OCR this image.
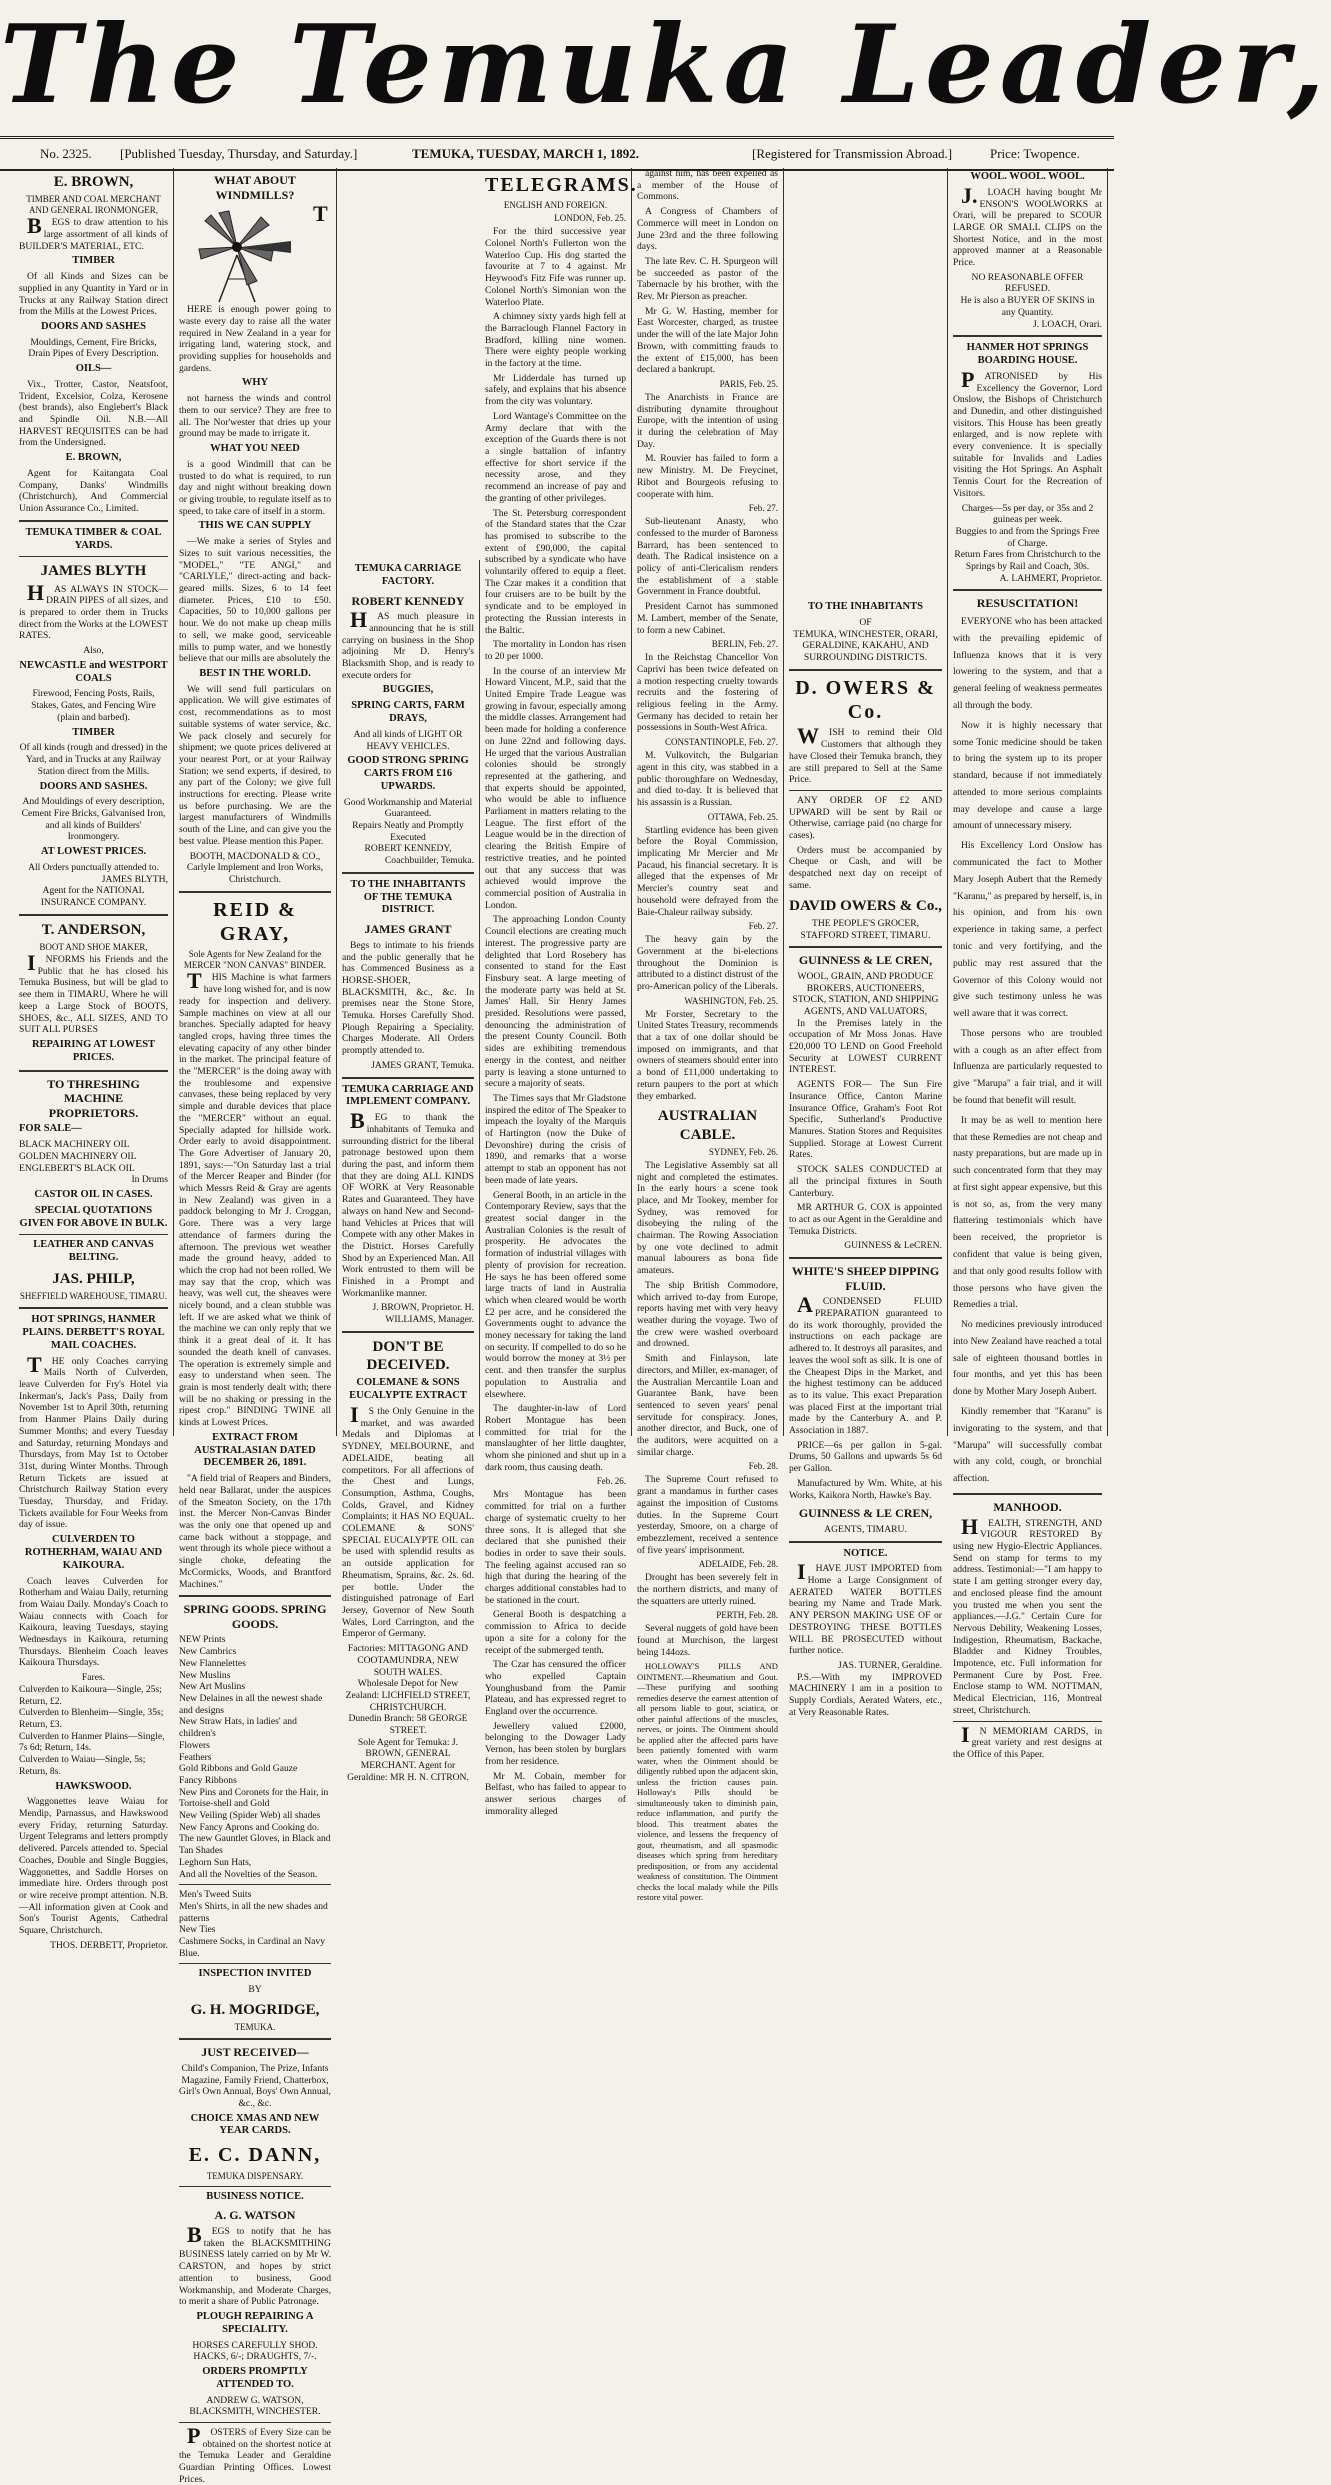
The Temuka Leader,
No. 2325. [Published Tuesday, Thursday, and Saturday.]	TEMUKA, TUESDAY, MARCH 1, 1892.	[Registered for Transmission Abroad.]	Price: Twopence.
E. BROWN,
TIMBER AND COAL MERCHANT AND GENERAL IRONMONGER,

BEGS to draw attention to his large assortment of all kinds of BUILDER'S MATERIAL, ETC.

TIMBER

Of all Kinds and Sizes can be supplied in any Quantity in Yard or in Trucks at any Railway Station direct from the Mills at the Lowest Prices.

DOORS AND SASHES

Mouldings, Cement, Fire Bricks, Drain Pipes of Every Description.

OILS—

Vix., Trotter, Castor, Neatsfoot, Trident, Excelsior, Colza, Kerosene (best brands), also Englebert's Black and Spindle Oil. N.B.—All HARVEST REQUISITES can be had from the Undersigned.

E. BROWN,

Agent for Kaitangata Coal Company, Danks' Windmills (Christchurch), And Commercial Union Assurance Co., Limited.

TEMUKA TIMBER & COAL YARDS.
JAMES BLYTH

HAS ALWAYS IN STOCK— DRAIN PIPES of all sizes, and is prepared to order them in Trucks direct from the Works at the LOWEST RATES.

Also,
NEWCASTLE and WESTPORT COALS

Firewood, Fencing Posts, Rails, Stakes, Gates, and Fencing Wire (plain and barbed).

TIMBER

Of all kinds (rough and dressed) in the Yard, and in Trucks at any Railway Station direct from the Mills.

DOORS AND SASHES.

And Mouldings of every description, Cement Fire Bricks, Galvanised Iron, and all kinds of Builders' Ironmongery.

AT LOWEST PRICES.
All Orders punctually attended to.
JAMES BLYTH,
Agent for the NATIONAL INSURANCE COMPANY.
T. ANDERSON,
BOOT AND SHOE MAKER,

INFORMS his Friends and the Public that he has closed his Temuka Business, but will be glad to see them in TIMARU, Where he will keep a Large Stock of BOOTS, SHOES, &c., ALL SIZES, AND TO SUIT ALL PURSES

REPAIRING AT LOWEST PRICES.
TO THRESHING MACHINE PROPRIETORS.
FOR SALE—
BLACK MACHINERY OIL
GOLDEN MACHINERY OIL
ENGLEBERT'S BLACK OIL
In Drums
CASTOR OIL IN CASES.
SPECIAL QUOTATIONS GIVEN FOR ABOVE IN BULK.
LEATHER AND CANVAS BELTING.
JAS. PHILP,
SHEFFIELD WAREHOUSE, TIMARU.
HOT SPRINGS, HANMER PLAINS. DERBETT'S ROYAL MAIL COACHES.

THE only Coaches carrying Mails North of Culverden, leave Culverden for Fry's Hotel via Inkerman's, Jack's Pass, Daily from November 1st to April 30th, returning from Hanmer Plains Daily during Summer Months; and every Tuesday and Saturday, returning Mondays and Thursdays, from May 1st to October 31st, during Winter Months. Through Return Tickets are issued at Christchurch Railway Station every Tuesday, Thursday, and Friday. Tickets available for Four Weeks from day of issue.

CULVERDEN TO ROTHERHAM, WAIAU AND KAIKOURA.

Coach leaves Culverden for Rotherham and Waiau Daily, returning from Waiau Daily. Monday's Coach to Waiau connects with Coach for Kaikoura, leaving Tuesdays, staying Wednesdays in Kaikoura, returning Thursdays. Blenheim Coach leaves Kaikoura Thursdays.

Fares.
Culverden to Kaikoura—Single, 25s; Return, £2.
Culverden to Blenheim—Single, 35s; Return, £3.
Culverden to Hanmer Plains—Single, 7s 6d; Return, 14s.
Culverden to Waiau—Single, 5s; Return, 8s.
HAWKSWOOD.

Waggonettes leave Waiau for Mendip, Parnassus, and Hawkswood every Friday, returning Saturday. Urgent Telegrams and letters promptly delivered. Parcels attended to. Special Coaches, Double and Single Buggies, Waggonettes, and Saddle Horses on immediate hire. Orders through post or wire receive prompt attention. N.B.—All information given at Cook and Son's Tourist Agents, Cathedral Square, Christchurch.

THOS. DERBETT, Proprietor.
WHAT ABOUT WINDMILLS?

THERE is enough power going to waste every day to raise all the water required in New Zealand in a year for irrigating land, watering stock, and providing supplies for households and gardens.

WHY

not harness the winds and control them to our service? They are free to all. The Nor'wester that dries up your ground may be made to irrigate it.

WHAT YOU NEED

is a good Windmill that can be trusted to do what is required, to run day and night without breaking down or giving trouble, to regulate itself as to speed, to take care of itself in a storm.

THIS WE CAN SUPPLY

—We make a series of Styles and Sizes to suit various necessities, the "MODEL," "TE ANGI," and "CARLYLE," direct-acting and back-geared mills. Sizes, 6 to 14 feet diameter. Prices, £10 to £50. Capacities, 50 to 10,000 gallons per hour. We do not make up cheap mills to sell, we make good, serviceable mills to pump water, and we honestly believe that our mills are absolutely the

BEST IN THE WORLD.

We will send full particulars on application. We will give estimates of cost, recommendations as to most suitable systems of water service, &c. We pack closely and securely for shipment; we quote prices delivered at your nearest Port, or at your Railway Station; we send experts, if desired, to any part of the Colony; we give full instructions for erecting. Please write us before purchasing. We are the largest manufacturers of Windmills south of the Line, and can give you the best value. Please mention this Paper.

BOOTH, MACDONALD & CO.,
Carlyle Implement and Iron Works, Christchurch.
REID & GRAY,
Sole Agents for New Zealand for the MERCER "NON CANVAS" BINDER.

THIS Machine is what farmers have long wished for, and is now ready for inspection and delivery. Sample machines on view at all our branches. Specially adapted for heavy tangled crops, having three times the elevating capacity of any other binder in the market. The principal feature of the "MERCER" is the doing away with the troublesome and expensive canvases, these being replaced by very simple and durable devices that place the "MERCER" without an equal. Specially adapted for hillside work. Order early to avoid disappointment. The Gore Advertiser of January 20, 1891, says:—"On Saturday last a trial of the Mercer Reaper and Binder (for which Messrs Reid & Gray are agents in New Zealand) was given in a paddock belonging to Mr J. Croggan, Gore. There was a very large attendance of farmers during the afternoon. The previous wet weather made the ground heavy, added to which the crop had not been rolled. We may say that the crop, which was heavy, was well cut, the sheaves were nicely bound, and a clean stubble was left. If we are asked what we think of the machine we can only reply that we think it a great deal of it. It has sounded the death knell of canvases. The operation is extremely simple and easy to understand when seen. The grain is most tenderly dealt with; there will be no shaking or pressing in the ripest crop." BINDING TWINE all kinds at Lowest Prices.

EXTRACT FROM AUSTRALASIAN DATED DECEMBER 26, 1891.

"A field trial of Reapers and Binders, held near Ballarat, under the auspices of the Smeaton Society, on the 17th inst. the Mercer Non-Canvas Binder was the only one that opened up and came back without a stoppage, and went through its whole piece without a single choke, defeating the McCormicks, Woods, and Brantford Machines."

SPRING GOODS. SPRING GOODS.
NEW Prints
New Cambrics
New Flannelettes
New Muslins
New Art Muslins
New Delaines in all the newest shade and designs
New Straw Hats, in ladies' and children's
Flowers
Feathers
Gold Ribbons and Gold Gauze
Fancy Ribbons
New Pins and Coronets for the Hair, in Tortoise-shell and Gold
New Veiling (Spider Web) all shades
New Fancy Aprons and Cooking do.
The new Gauntlet Gloves, in Black and Tan Shades
Leghorn Sun Hats,
And all the Novelties of the Season.
Men's Tweed Suits
Men's Shirts, in all the new shades and patterns
New Ties
Cashmere Socks, in Cardinal an Navy Blue.
INSPECTION INVITED
BY
G. H. MOGRIDGE,
TEMUKA.
JUST RECEIVED—

Child's Companion, The Prize, Infants Magazine, Family Friend, Chatterbox, Girl's Own Annual, Boys' Own Annual, &c., &c.

CHOICE XMAS AND NEW YEAR CARDS.
E. C. DANN,
TEMUKA DISPENSARY.
BUSINESS NOTICE.
A. G. WATSON

BEGS to notify that he has taken the BLACKSMITHING BUSINESS lately carried on by Mr W. CARSTON, and hopes by strict attention to business, Good Workmanship, and Moderate Charges, to merit a share of Public Patronage.

PLOUGH REPAIRING A SPECIALITY.
HORSES CAREFULLY SHOD. HACKS, 6/-; DRAUGHTS, 7/-.
ORDERS PROMPTLY ATTENDED TO.
ANDREW G. WATSON,
BLACKSMITH, WINCHESTER.

POSTERS of Every Size can be obtained on the shortest notice at the Temuka Leader and Geraldine Guardian Printing Offices. Lowest Prices.

TEMUKA CARRIAGE FACTORY.
ROBERT KENNEDY

HAS much pleasure in announcing that he is still carrying on business in the Shop adjoining Mr D. Henry's Blacksmith Shop, and is ready to execute orders for

BUGGIES,
SPRING CARTS, FARM DRAYS,
And all kinds of LIGHT OR HEAVY VEHICLES.
GOOD STRONG SPRING CARTS FROM £16 UPWARDS.
Good Workmanship and Material Guaranteed.
Repairs Neatly and Promptly Executed
ROBERT KENNEDY,
Coachbuilder, Temuka.
TO THE INHABITANTS OF THE TEMUKA DISTRICT.
JAMES GRANT

Begs to intimate to his friends and the public generally that he has Commenced Business as a HORSE-SHOER, BLACKSMITH, &c., &c. In premises near the Stone Store, Temuka. Horses Carefully Shod. Plough Repairing a Speciality. Charges Moderate. All Orders promptly attended to.

JAMES GRANT, Temuka.
TEMUKA CARRIAGE AND IMPLEMENT COMPANY.

BEG to thank the inhabitants of Temuka and surrounding district for the liberal patronage bestowed upon them during the past, and inform them that they are doing ALL KINDS OF WORK at Very Reasonable Rates and Guaranteed. They have always on hand New and Second-hand Vehicles at Prices that will Compete with any other Makes in the District. Horses Carefully Shod by an Experienced Man. All Work entrusted to them will be Finished in a Prompt and Workmanlike manner.

J. BROWN, Proprietor. H. WILLIAMS, Manager.
DON'T BE DECEIVED.
COLEMANE & SONS EUCALYPTE EXTRACT

IS the Only Genuine in the market, and was awarded Medals and Diplomas at SYDNEY, MELBOURNE, and ADELAIDE, beating all competitors. For all affections of the Chest and Lungs, Consumption, Asthma, Coughs, Colds, Gravel, and Kidney Complaints; it HAS NO EQUAL. COLEMANE & SONS' SPECIAL EUCALYPTE OIL can be used with splendid results as an outside application for Rheumatism, Sprains, &c. 2s. 6d. per bottle. Under the distinguished patronage of Earl Jersey, Governor of New South Wales, Lord Carrington, and the Emperor of Germany.

Factories: MITTAGONG AND COOTAMUNDRA, NEW SOUTH WALES.
Wholesale Depot for New Zealand: LICHFIELD STREET, CHRISTCHURCH.
Dunedin Branch: 58 GEORGE STREET.
Sole Agent for Temuka: J. BROWN, GENERAL MERCHANT. Agent for Geraldine: MR H. N. CITRON.
TELEGRAMS.
ENGLISH AND FOREIGN.
LONDON, Feb. 25.

For the third successive year Colonel North's Fullerton won the Waterloo Cup. His dog started the favourite at 7 to 4 against. Mr Heywood's Fitz Fife was runner up. Colonel North's Simonian won the Waterloo Plate.

A chimney sixty yards high fell at the Barraclough Flannel Factory in Bradford, killing nine women. There were eighty people working in the factory at the time.

Mr Lidderdale has turned up safely, and explains that his absence from the city was voluntary.

Lord Wantage's Committee on the Army declare that with the exception of the Guards there is not a single battalion of infantry effective for short service if the necessity arose, and they recommend an increase of pay and the granting of other privileges.

The St. Petersburg correspondent of the Standard states that the Czar has promised to subscribe to the extent of £90,000, the capital subscribed by a syndicate who have voluntarily offered to equip a fleet. The Czar makes it a condition that four cruisers are to be built by the syndicate and to be employed in protecting the Russian interests in the Baltic.

The mortality in London has risen to 20 per 1000.

In the course of an interview Mr Howard Vincent, M.P., said that the United Empire Trade League was growing in favour, especially among the middle classes. Arrangement had been made for holding a conference on June 22nd and following days. He urged that the various Australian colonies should be strongly represented at the gathering, and that experts should be appointed, who would be able to influence Parliament in matters relating to the League. The first effort of the League would be in the direction of clearing the British Empire of restrictive treaties, and he pointed out that any success that was achieved would improve the commercial position of Australia in London.

The approaching London County Council elections are creating much interest. The progressive party are delighted that Lord Rosebery has consented to stand for the East Finsbury seat. A large meeting of the moderate party was held at St. James' Hall. Sir Henry James presided. Resolutions were passed, denouncing the administration of the present County Council. Both sides are exhibiting tremendous energy in the contest, and neither party is leaving a stone unturned to secure a majority of seats.

The Times says that Mr Gladstone inspired the editor of The Speaker to impeach the loyalty of the Marquis of Hartington (now the Duke of Devonshire) during the crisis of 1890, and remarks that a worse attempt to stab an opponent has not been made of late years.

General Booth, in an article in the Contemporary Review, says that the greatest social danger in the Australian Colonies is the result of prosperity. He advocates the formation of industrial villages with plenty of provision for recreation. He says he has been offered some large tracts of land in Australia which when cleared would be worth £2 per acre, and he considered the Governments ought to advance the money necessary for taking the land on security. If compelled to do so he would borrow the money at 3½ per cent. and then transfer the surplus population to Australia and elsewhere.

The daughter-in-law of Lord Robert Montague has been committed for trial for the manslaughter of her little daughter, whom she pinioned and shut up in a dark room, thus causing death.

Feb. 26.

Mrs Montague has been committed for trial on a further charge of systematic cruelty to her three sons. It is alleged that she declared that she punished their bodies in order to save their souls. The feeling against accused ran so high that during the hearing of the charges additional constables had to be stationed in the court.

General Booth is despatching a commission to Africa to decide upon a site for a colony for the receipt of the submerged tenth.

The Czar has censured the officer who expelled Captain Younghusband from the Pamir Plateau, and has expressed regret to England over the occurrence.

Jewellery valued £2000, belonging to the Dowager Lady Vernon, has been stolen by burglars from her residence.

Mr M. Cobain, member for Belfast, who has failed to appear to answer serious charges of immorality alleged

against him, has been expelled as a member of the House of Commons.

A Congress of Chambers of Commerce will meet in London on June 23rd and the three following days.

The late Rev. C. H. Spurgeon will be succeeded as pastor of the Tabernacle by his brother, with the Rev. Mr Pierson as preacher.

Mr G. W. Hasting, member for East Worcester, charged, as trustee under the will of the late Major John Brown, with committing frauds to the extent of £15,000, has been declared a bankrupt.

PARIS, Feb. 25.

The Anarchists in France are distributing dynamite throughout Europe, with the intention of using it during the celebration of May Day.

M. Rouvier has failed to form a new Ministry. M. De Freycinet, Ribot and Bourgeois refusing to cooperate with him.

Feb. 27.

Sub-lieutenant Anasty, who confessed to the murder of Baroness Barrard, has been sentenced to death. The Radical insistence on a policy of anti-Clericalism renders the establishment of a stable Government in France doubtful.

President Carnot has summoned M. Lambert, member of the Senate, to form a new Cabinet.

BERLIN, Feb. 27.

In the Reichstag Chancellor Von Caprivi has been twice defeated on a motion respecting cruelty towards recruits and the fostering of religious feeling in the Army. Germany has decided to retain her possessions in South-West Africa.

CONSTANTINOPLE, Feb. 27.

M. Vulkovitch, the Bulgarian agent in this city, was stabbed in a public thoroughfare on Wednesday, and died to-day. It is believed that his assassin is a Russian.

OTTAWA, Feb. 25.

Startling evidence has been given before the Royal Commission, implicating Mr Mercier and Mr Pacaud, his financial secretary. It is alleged that the expenses of Mr Mercier's country seat and household were defrayed from the Baie-Chaleur railway subsidy.

Feb. 27.

The heavy gain by the Government at the bi-elections throughout the Dominion is attributed to a distinct distrust of the pro-American policy of the Liberals.

WASHINGTON, Feb. 25.

Mr Forster, Secretary to the United States Treasury, recommends that a tax of one dollar should be imposed on immigrants, and that owners of steamers should enter into a bond of £11,000 undertaking to return paupers to the port at which they embarked.

AUSTRALIAN CABLE.
SYDNEY, Feb. 26.

The Legislative Assembly sat all night and completed the estimates. In the early hours a scene took place, and Mr Tookey, member for Sydney, was removed for disobeying the ruling of the chairman. The Rowing Association by one vote declined to admit manual labourers as bona fide amateurs.

The ship British Commodore, which arrived to-day from Europe, reports having met with very heavy weather during the voyage. Two of the crew were washed overboard and drowned.

Smith and Finlayson, late directors, and Miller, ex-manager, of the Australian Mercantile Loan and Guarantee Bank, have been sentenced to seven years' penal servitude for conspiracy. Jones, another director, and Buck, one of the auditors, were acquitted on a similar charge.

Feb. 28.

The Supreme Court refused to grant a mandamus in further cases against the imposition of Customs duties. In the Supreme Court yesterday, Smoore, on a charge of embezzlement, received a sentence of five years' imprisonment.

ADELAIDE, Feb. 28.

Drought has been severely felt in the northern districts, and many of the squatters are utterly ruined.

PERTH, Feb. 28.

Several nuggets of gold have been found at Murchison, the largest being 144ozs.

HOLLOWAY'S PILLS AND OINTMENT.—Rheumatism and Gout.—These purifying and soothing remedies deserve the earnest attention of all persons liable to gout, sciatica, or other painful affections of the muscles, nerves, or joints. The Ointment should be applied after the affected parts have been patiently fomented with warm water, when the Ointment should be diligently rubbed upon the adjacent skin, unless the friction causes pain. Holloway's Pills should be simultaneously taken to diminish pain, reduce inflammation, and purify the blood. This treatment abates the violence, and lessens the frequency of gout, rheumatism, and all spasmodic diseases which spring from hereditary predisposition, or from any accidental weakness of constitution. The Ointment checks the local malady while the Pills restore vital power.

TO THE INHABITANTS
OF
TEMUKA, WINCHESTER, ORARI, GERALDINE, KAKAHU, AND SURROUNDING DISTRICTS.
D. OWERS & Co.

WISH to remind their Old Customers that although they have Closed their Temuka branch, they are still prepared to Sell at the Same Price.

ANY ORDER OF £2 AND UPWARD will be sent by Rail or Otherwise, carriage paid (no charge for cases).

Orders must be accompanied by Cheque or Cash, and will be despatched next day on receipt of same.

DAVID OWERS & Co.,
THE PEOPLE'S GROCER,
STAFFORD STREET, TIMARU.
GUINNESS & LE CREN,
WOOL, GRAIN, AND PRODUCE BROKERS, AUCTIONEERS, STOCK, STATION, AND SHIPPING AGENTS, AND VALUATORS,

In the Premises lately in the occupation of Mr Moss Jonas. Have £20,000 TO LEND on Good Freehold Security at LOWEST CURRENT INTEREST.

AGENTS FOR— The Sun Fire Insurance Office, Canton Marine Insurance Office, Graham's Foot Rot Specific, Sutherland's Productive Manures. Station Stores and Requisites Supplied. Storage at Lowest Current Rates.

STOCK SALES CONDUCTED at all the principal fixtures in South Canterbury.

MR ARTHUR G. COX is appointed to act as our Agent in the Geraldine and Temuka Districts.

GUINNESS & LeCREN.
WHITE'S SHEEP DIPPING FLUID.

ACONDENSED FLUID PREPARATION guaranteed to do its work thoroughly, provided the instructions on each package are adhered to. It destroys all parasites, and leaves the wool soft as silk. It is one of the Cheapest Dips in the Market, and the highest testimony can be adduced as to its value. This exact Preparation was placed First at the important trial made by the Canterbury A. and P. Association in 1887.

PRICE—6s per gallon in 5-gal. Drums, 50 Gallons and upwards 5s 6d per Gallon.

Manufactured by Wm. White, at his Works, Kaikora North, Hawke's Bay.

GUINNESS & LE CREN,
AGENTS, TIMARU.
NOTICE.

IHAVE JUST IMPORTED from Home a Large Consignment of AERATED WATER BOTTLES bearing my Name and Trade Mark. ANY PERSON MAKING USE OF or DESTROYING THESE BOTTLES WILL BE PROSECUTED without further notice.

JAS. TURNER, Geraldine.

P.S.—With my IMPROVED MACHINERY I am in a position to Supply Cordials, Aerated Waters, etc., at Very Reasonable Rates.

WOOL. WOOL. WOOL.

J.LOACH having bought Mr ENSON'S WOOLWORKS at Orari, will be prepared to SCOUR LARGE OR SMALL CLIPS on the Shortest Notice, and in the most approved manner at a Reasonable Price.

NO REASONABLE OFFER REFUSED.
He is also a BUYER OF SKINS in any Quantity.
J. LOACH, Orari.
HANMER HOT SPRINGS BOARDING HOUSE.

PATRONISED by His Excellency the Governor, Lord Onslow, the Bishops of Christchurch and Dunedin, and other distinguished visitors. This House has been greatly enlarged, and is now replete with every convenience. It is specially suitable for Invalids and Ladies visiting the Hot Springs. An Asphalt Tennis Court for the Recreation of Visitors.

Charges—5s per day, or 35s and 2 guineas per week.
Buggies to and from the Springs Free of Charge.
Return Fares from Christchurch to the Springs by Rail and Coach, 30s.
A. LAHMERT, Proprietor.
RESUSCITATION!

EVERYONE who has been attacked with the prevailing epidemic of Influenza knows that it is very lowering to the system, and that a general feeling of weakness permeates all through the body.

Now it is highly necessary that some Tonic medicine should be taken to bring the system up to its proper standard, because if not immediately attended to more serious complaints may develope and cause a large amount of unnecessary misery.

His Excellency Lord Onslow has communicated the fact to Mother Mary Joseph Aubert that the Remedy "Karanu," as prepared by herself, is, in his opinion, and from his own experience in taking same, a perfect tonic and very fortifying, and the public may rest assured that the Governor of this Colony would not give such testimony unless he was well aware that it was correct.

Those persons who are troubled with a cough as an after effect from Influenza are particularly requested to give "Marupa" a fair trial, and it will be found that benefit will result.

It may be as well to mention here that these Remedies are not cheap and nasty preparations, but are made up in such concentrated form that they may at first sight appear expensive, but this is not so, as, from the very many flattering testimonials which have been received, the proprietor is confident that value is being given, and that only good results follow with those persons who have given the Remedies a trial.

No medicines previously introduced into New Zealand have reached a total sale of eighteen thousand bottles in four months, and yet this has been done by Mother Mary Joseph Aubert.

Kindly remember that "Karanu" is invigorating to the system, and that "Marupa" will successfully combat with any cold, cough, or bronchial affection.

MANHOOD.

HEALTH, STRENGTH, AND VIGOUR RESTORED By using new Hygio-Electric Appliances. Send on stamp for terms to my address. Testimonial:—"I am happy to state I am getting stronger every day, and enclosed please find the amount you trusted me when you sent the appliances.—J.G." Certain Cure for Nervous Debility, Weakening Losses, Indigestion, Rheumatism, Backache, Bladder and Kidney Troubles, Impotence, etc. Full information for Permanent Cure by Post. Free. Enclose stamp to WM. NOTTMAN, Medical Electrician, 116, Montreal street, Christchurch.

IN MEMORIAM CARDS, in great variety and rest designs at the Office of this Paper.
